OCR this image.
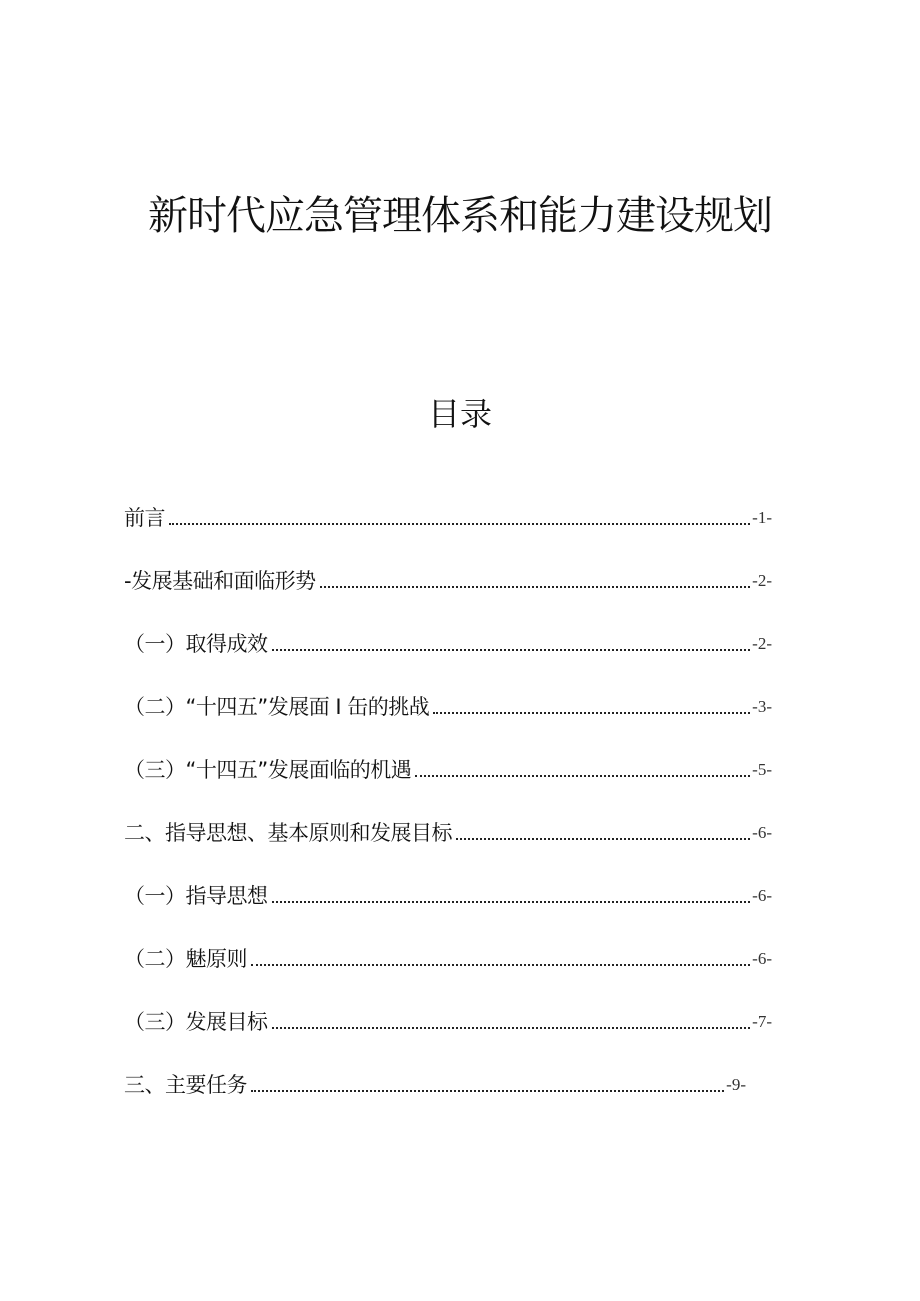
新时代应急管理体系和能力建设规划
目录
前言	-1-
-发展基础和面临形势	-2-
（一）取得成效	-2-
（二）“十四五”发展面 I 缶的挑战	-3-
（三）“十四五”发展面临的机遇	-5-
二、指导思想、基本原则和发展目标	-6-
（一）指导思想	-6-
（二）魅原则	-6-
（三）发展目标	-7-
三、主要任务	-9-
